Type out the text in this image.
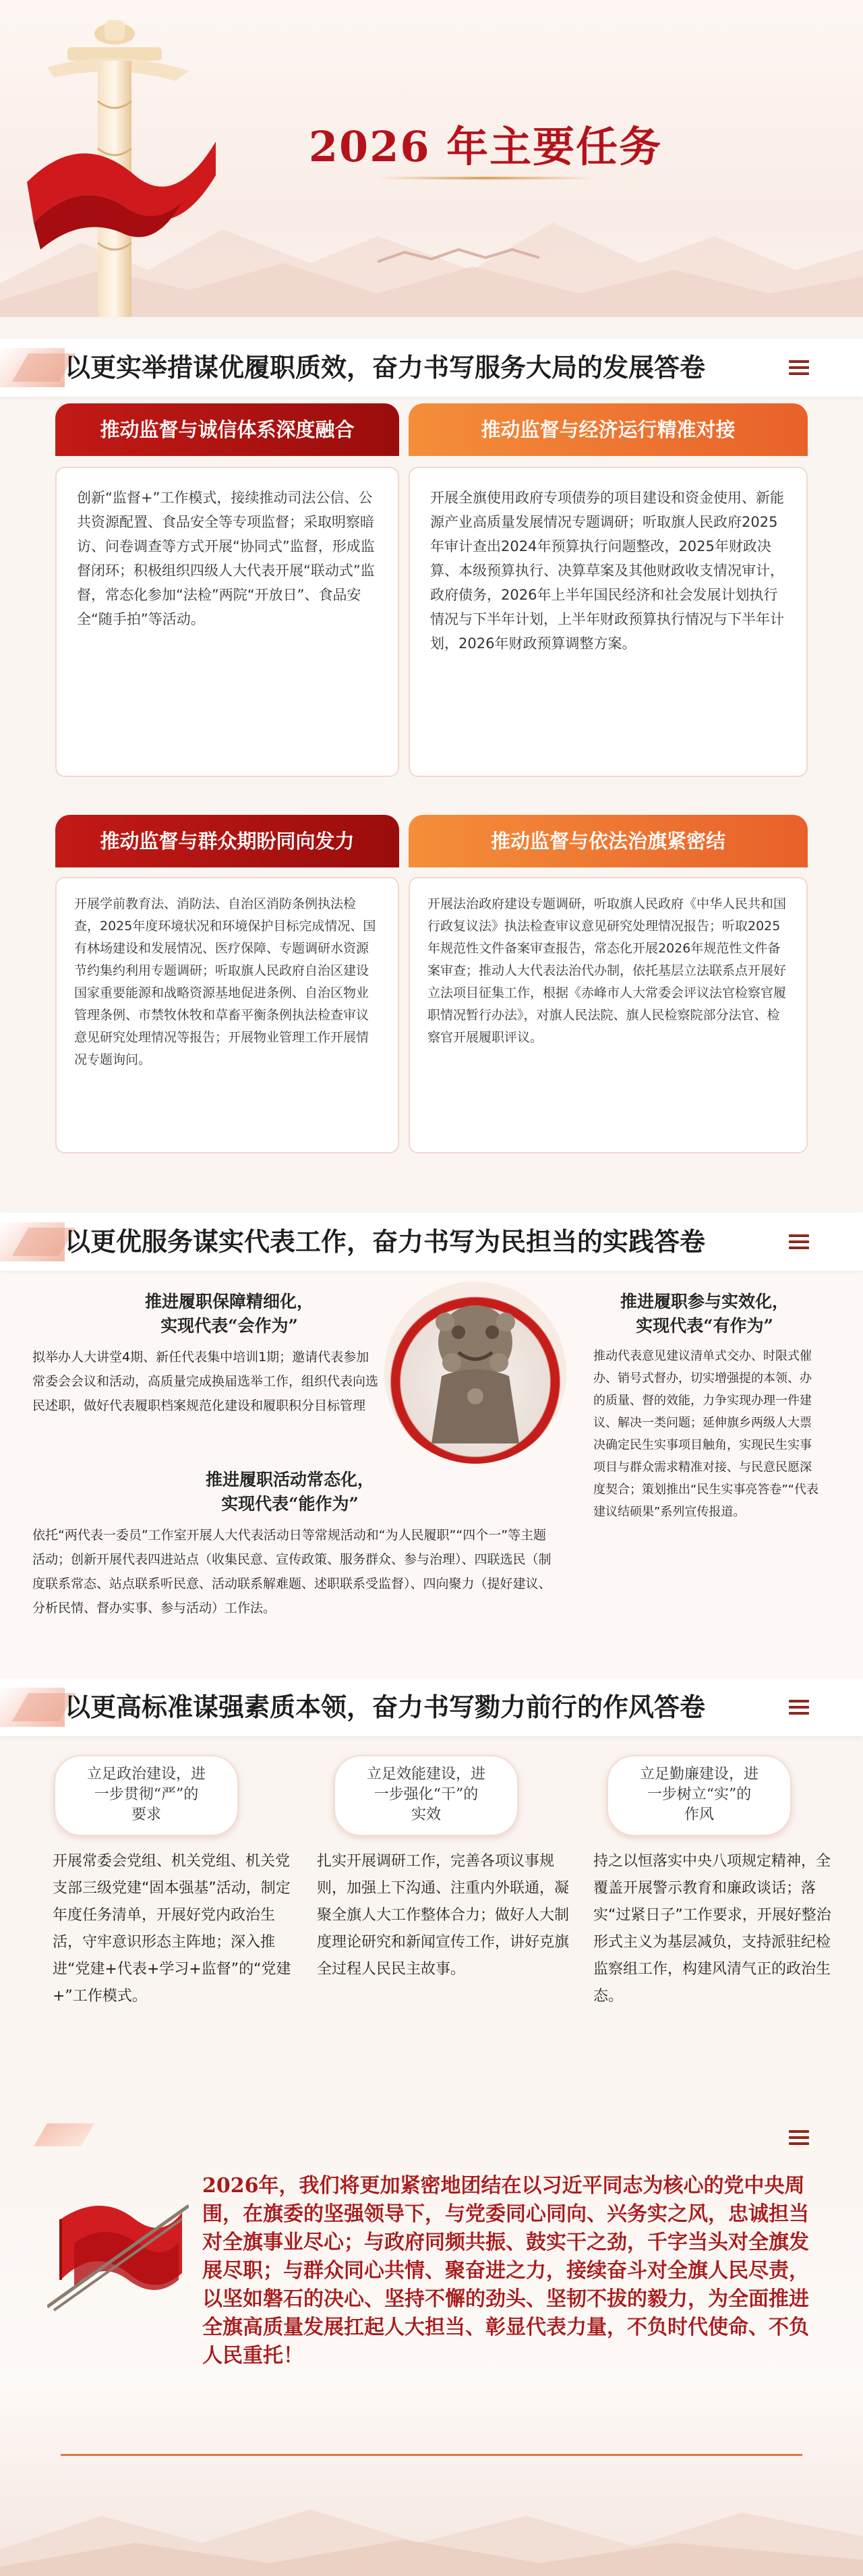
2026 年主要任务
以更实举措谋优履职质效，奋力书写服务大局的发展答卷
推动监督与诚信体系深度融合
创新“监督+”工作模式，接续推动司法公信、公共资源配置、食品安全等专项监督；采取明察暗访、问卷调查等方式开展“协同式”监督，形成监督闭环；积极组织四级人大代表开展“联动式”监督，常态化参加“法检”两院“开放日”、食品安全“随手拍”等活动。
推动监督与经济运行精准对接
开展全旗使用政府专项债券的项目建设和资金使用、新能源产业高质量发展情况专题调研；听取旗人民政府2025年审计查出2024年预算执行问题整改，2025年财政决算、本级预算执行、决算草案及其他财政收支情况审计，政府债务，2026年上半年国民经济和社会发展计划执行情况与下半年计划，上半年财政预算执行情况与下半年计划，2026年财政预算调整方案。
推动监督与群众期盼同向发力
开展学前教育法、消防法、自治区消防条例执法检查，2025年度环境状况和环境保护目标完成情况、国有林场建设和发展情况、医疗保障、专题调研水资源节约集约利用专题调研；听取旗人民政府自治区建设国家重要能源和战略资源基地促进条例、自治区物业管理条例、市禁牧休牧和草畜平衡条例执法检查审议意见研究处理情况等报告；开展物业管理工作开展情况专题询问。
推动监督与依法治旗紧密结
开展法治政府建设专题调研，听取旗人民政府《中华人民共和国行政复议法》执法检查审议意见研究处理情况报告；听取2025年规范性文件备案审查报告，常态化开展2026年规范性文件备案审查；推动人大代表法治代办制，依托基层立法联系点开展好立法项目征集工作，根据《赤峰市人大常委会评议法官检察官履职情况暂行办法》，对旗人民法院、旗人民检察院部分法官、检察官开展履职评议。
以更优服务谋实代表工作，奋力书写为民担当的实践答卷
推进履职保障精细化，
实现代表“会作为”
拟举办人大讲堂4期、新任代表集中培训1期；邀请代表参加常委会会议和活动，高质量完成换届选举工作，组织代表向选民述职，做好代表履职档案规范化建设和履职积分目标管理
推进履职参与实效化，
实现代表“有作为”
推动代表意见建议清单式交办、时限式催办、销号式督办，切实增强提的本领、办的质量、督的效能，力争实现办理一件建议、解决一类问题；延伸旗乡两级人大票决确定民生实事项目触角，实现民生实事项目与群众需求精准对接、与民意民愿深度契合；策划推出“民生实事亮答卷”“代表建议结硕果”系列宣传报道。
推进履职活动常态化，
实现代表“能作为”
依托“两代表一委员”工作室开展人大代表活动日等常规活动和“为人民履职”“四个一”等主题活动；创新开展代表四进站点（收集民意、宣传政策、服务群众、参与治理）、四联选民（制度联系常态、站点联系听民意、活动联系解难题、述职联系受监督）、四向聚力（提好建议、分析民情、督办实事、参与活动）工作法。
以更高标准谋强素质本领，奋力书写勠力前行的作风答卷
立足政治建设，进
一步贯彻“严”的
要求
开展常委会党组、机关党组、机关党支部三级党建“固本强基”活动，制定年度任务清单，开展好党内政治生活，守牢意识形态主阵地；深入推进“党建+代表+学习+监督”的“党建+”工作模式。
立足效能建设，进
一步强化“干”的
实效
扎实开展调研工作，完善各项议事规则，加强上下沟通、注重内外联通，凝聚全旗人大工作整体合力；做好人大制度理论研究和新闻宣传工作，讲好克旗全过程人民民主故事。
立足勤廉建设，进
一步树立“实”的
作风
持之以恒落实中央八项规定精神，全覆盖开展警示教育和廉政谈话；落实“过紧日子”工作要求，开展好整治形式主义为基层减负，支持派驻纪检监察组工作，构建风清气正的政治生态。
2026年，我们将更加紧密地团结在以习近平同志为核心的党中央周围，在旗委的坚强领导下，与党委同心同向、兴务实之风，忠诚担当对全旗事业尽心；与政府同频共振、鼓实干之劲，千字当头对全旗发展尽职；与群众同心共情、聚奋进之力，接续奋斗对全旗人民尽责，以坚如磐石的决心、坚持不懈的劲头、坚韧不拔的毅力，为全面推进全旗高质量发展扛起人大担当、彰显代表力量，不负时代使命、不负人民重托！
